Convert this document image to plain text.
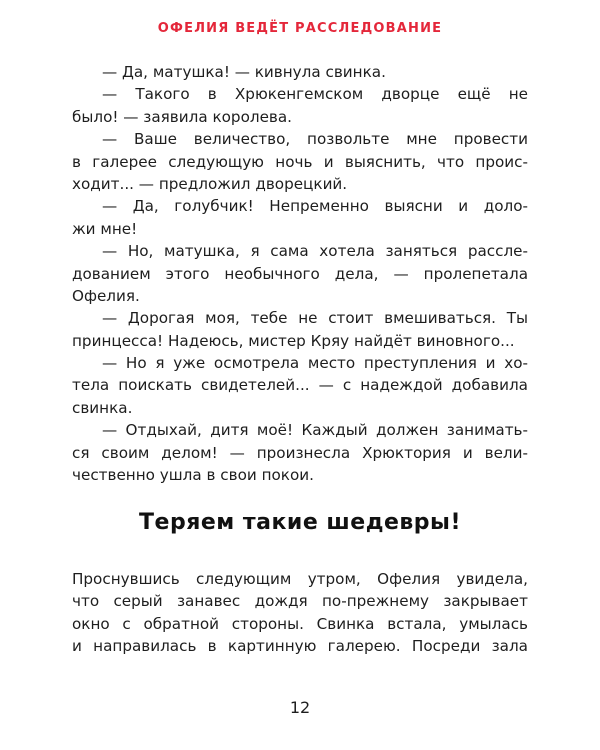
ОФЕЛИЯ ВЕДЁТ РАССЛЕДОВАНИЕ

— Да, матушка! — кивнула свинка.

— Такого в Хрюкенгемском дворце ещё не
было! — заявила королева.

— Ваше величество, позвольте мне провести
в галерее следующую ночь и выяснить, что проис-
ходит... — предложил дворецкий.

— Да, голубчик! Непременно выясни и доло-
жи мне!

— Но, матушка, я сама хотела заняться рассле-
дованием этого необычного дела, — пролепетала
Офелия.

— Дорогая моя, тебе не стоит вмешиваться. Ты
принцесса! Надеюсь, мистер Кряу найдёт виновного...

— Но я уже осмотрела место преступления и хо-
тела поискать свидетелей... — с надеждой добавила
свинка.

— Отдыхай, дитя моё! Каждый должен занимать-
ся своим делом! — произнесла Хрюктория и вели-
чественно ушла в свои покои.

Теряем такие шедевры!

Проснувшись следующим утром, Офелия увидела,
что серый занавес дождя по-прежнему закрывает
окно с обратной стороны. Свинка встала, умылась
и направилась в картинную галерею. Посреди зала

12
